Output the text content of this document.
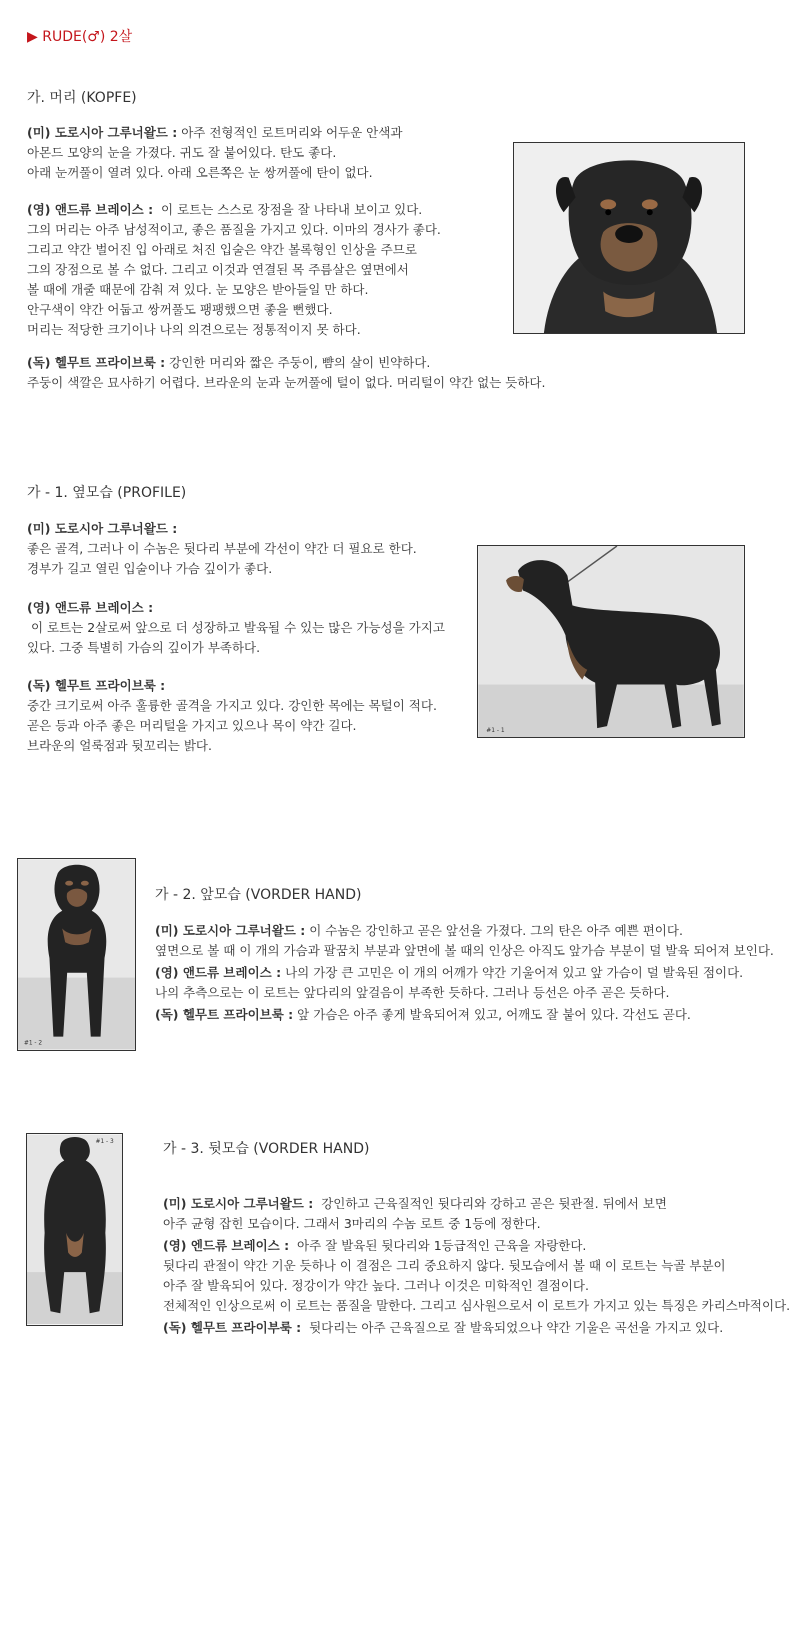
▶ RUDE(♂) 2살
가. 머리 (KOPFE)
(미) 도로시아 그루너왈드 : 아주 전형적인 로트머리와 어두운 안색과
아몬드 모양의 눈을 가졌다. 귀도 잘 붙어있다. 탄도 좋다.
아래 눈꺼풀이 열려 있다. 아래 오른쪽은 눈 쌍꺼풀에 탄이 없다.
(영) 앤드류 브레이스 : 이 로트는 스스로 장점을 잘 나타내 보이고 있다.
그의 머리는 아주 남성적이고, 좋은 품질을 가지고 있다. 이마의 경사가 좋다.
그리고 약간 벌어진 입 아래로 처진 입술은 약간 볼록형인 인상을 주므로
그의 장점으로 볼 수 없다. 그리고 이것과 연결된 목 주름살은 옆면에서
볼 때에 개줄 때문에 감춰 져 있다. 눈 모양은 받아들일 만 하다.
안구색이 약간 어둡고 쌍꺼풀도 팽팽했으면 좋을 뻔했다.
머리는 적당한 크기이나 나의 의견으로는 정통적이지 못 하다.
(독) 헬무트 프라이브룩 : 강인한 머리와 짧은 주둥이, 뺨의 살이 빈약하다.
주둥이 색깔은 묘사하기 어렵다. 브라운의 눈과 눈꺼풀에 털이 없다. 머리털이 약간 없는 듯하다.
가 - 1. 옆모습 (PROFILE)
(미) 도로시아 그루너왈드 :
좋은 골격, 그러나 이 수놈은 뒷다리 부분에 각선이 약간 더 필요로 한다.
경부가 길고 열린 입술이나 가슴 깊이가 좋다.
(영) 앤드류 브레이스 :
이 로트는 2살로써 앞으로 더 성장하고 발육될 수 있는 많은 가능성을 가지고
있다. 그중 특별히 가슴의 깊이가 부족하다.
(독) 헬무트 프라이브룩 :
중간 크기로써 아주 훌륭한 골격을 가지고 있다. 강인한 목에는 목털이 적다.
곧은 등과 아주 좋은 머리털을 가지고 있으나 목이 약간 길다.
브라운의 얼룩점과 뒷꼬리는 밝다.
#1 - 1
#1 - 2
가 - 2. 앞모습 (VORDER HAND)
(미) 도로시아 그루너왈드 : 이 수놈은 강인하고 곧은 앞선을 가졌다. 그의 탄은 아주 예쁜 편이다.
옆면으로 볼 때 이 개의 가슴과 팔꿈치 부분과 앞면에 볼 때의 인상은 아직도 앞가슴 부분이 덜 발육 되어져 보인다.
(영) 앤드류 브레이스 : 나의 가장 큰 고민은 이 개의 어깨가 약간 기울어져 있고 앞 가슴이 덜 발육된 점이다.
나의 추측으로는 이 로트는 앞다리의 앞걸음이 부족한 듯하다. 그러나 등선은 아주 곧은 듯하다.
(독) 헬무트 프라이브룩 : 앞 가슴은 아주 좋게 발육되어져 있고, 어깨도 잘 붙어 있다. 각선도 곧다.
#1 - 3	가 - 3. 뒷모습 (VORDER HAND)
(미) 도로시아 그루너왈드 : 강인하고 근육질적인 뒷다리와 강하고 곧은 뒷관절. 뒤에서 보면
아주 균형 잡힌 모습이다. 그래서 3마리의 수놈 로트 중 1등에 정한다.
(영) 엔드류 브레이스 : 아주 잘 발육된 뒷다리와 1등급적인 근육을 자랑한다.
뒷다리 관절이 약간 기운 듯하나 이 결점은 그리 중요하지 않다. 뒷모습에서 볼 때 이 로트는 늑골 부분이
아주 잘 발육되어 있다. 정강이가 약간 높다. 그러나 이것은 미학적인 결점이다.
전체적인 인상으로써 이 로트는 품질을 말한다. 그리고 심사원으로서 이 로트가 가지고 있는 특징은 카리스마적이다.
(독) 헬무트 프라이부룩 : 뒷다리는 아주 근육질으로 잘 발육되었으나 약간 기울은 곡선을 가지고 있다.
